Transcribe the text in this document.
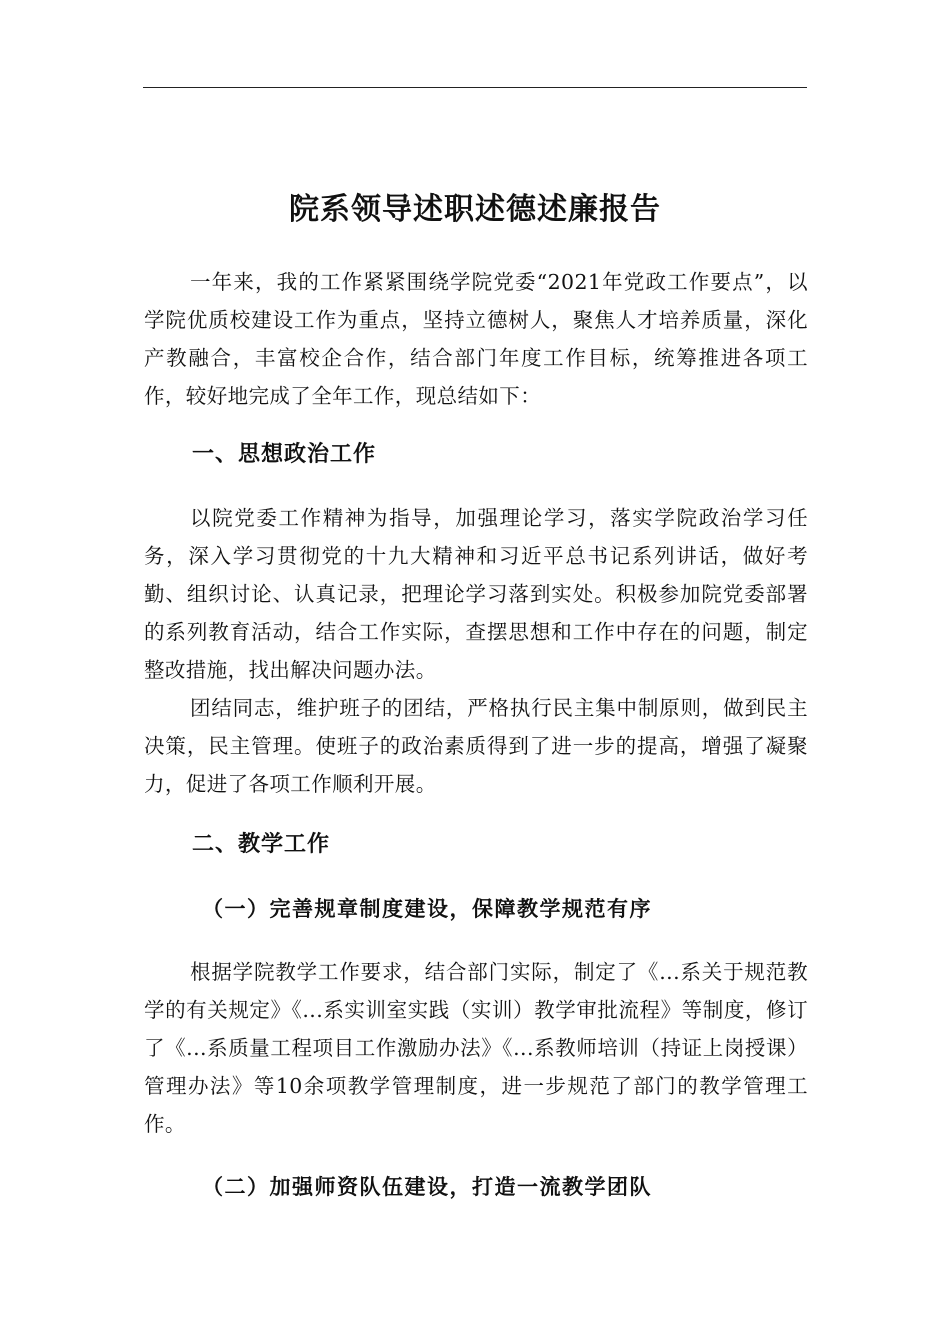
院系领导述职述德述廉报告

一年来，我的工作紧紧围绕学院党委“2021年党政工作要点”，以学院优质校建设工作为重点，坚持立德树人，聚焦人才培养质量，深化产教融合，丰富校企合作，结合部门年度工作目标，统筹推进各项工作，较好地完成了全年工作，现总结如下：

一、思想政治工作

以院党委工作精神为指导，加强理论学习，落实学院政治学习任务，深入学习贯彻党的十九大精神和习近平总书记系列讲话，做好考勤、组织讨论、认真记录，把理论学习落到实处。积极参加院党委部署的系列教育活动，结合工作实际，查摆思想和工作中存在的问题，制定整改措施，找出解决问题办法。

团结同志，维护班子的团结，严格执行民主集中制原则，做到民主决策，民主管理。使班子的政治素质得到了进一步的提高，增强了凝聚力，促进了各项工作顺利开展。

二、教学工作
（一）完善规章制度建设，保障教学规范有序

根据学院教学工作要求，结合部门实际，制定了《...系关于规范教学的有关规定》《...系实训室实践（实训）教学审批流程》等制度，修订了《...系质量工程项目工作激励办法》《...系教师培训（持证上岗授课）管理办法》等10余项教学管理制度，进一步规范了部门的教学管理工作。

（二）加强师资队伍建设，打造一流教学团队
